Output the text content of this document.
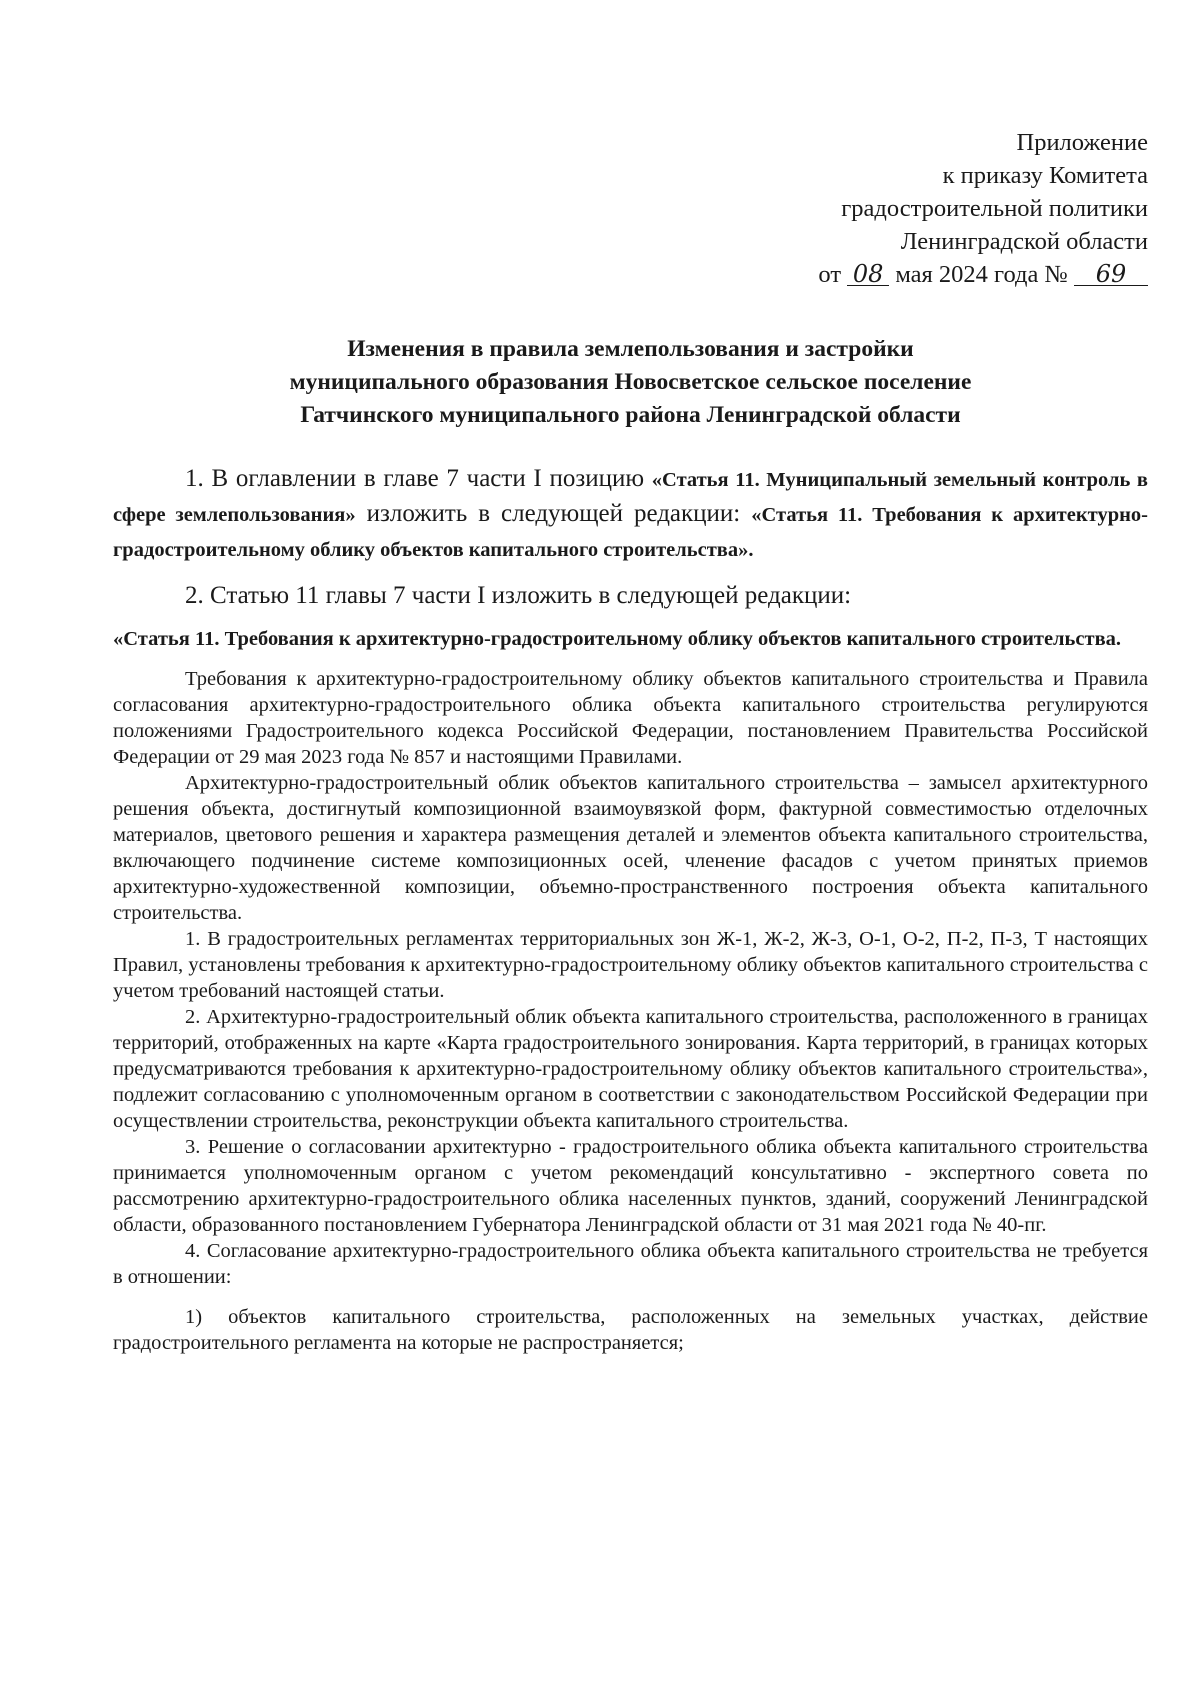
Приложение
к приказу Комитета
градостроительной политики
Ленинградской области
от 08 мая 2024 года № 69
Изменения в правила землепользования и застройки
муниципального образования Новосветское сельское поселение
Гатчинского муниципального района Ленинградской области

1. В оглавлении в главе 7 части I позицию «Статья 11. Муниципальный земельный контроль в сфере землепользования» изложить в следующей редакции: «Статья 11. Требования к архитектурно-градостроительному облику объектов капитального строительства».

2. Статью 11 главы 7 части I изложить в следующей редакции:

«Статья 11. Требования к архитектурно-градостроительному облику объектов капитального строительства.

Требования к архитектурно-градостроительному облику объектов капитального строительства и Правила согласования архитектурно-градостроительного облика объекта капитального строительства регулируются положениями Градостроительного кодекса Российской Федерации, постановлением Правительства Российской Федерации от 29 мая 2023 года № 857 и настоящими Правилами.

Архитектурно-градостроительный облик объектов капитального строительства – замысел архитектурного решения объекта, достигнутый композиционной взаимоувязкой форм, фактурной совместимостью отделочных материалов, цветового решения и характера размещения деталей и элементов объекта капитального строительства, включающего подчинение системе композиционных осей, членение фасадов с учетом принятых приемов архитектурно-художественной композиции, объемно-пространственного построения объекта капитального строительства.

1. В градостроительных регламентах территориальных зон Ж-1, Ж-2, Ж-3, О-1, О-2, П-2, П-3, Т настоящих Правил, установлены требования к архитектурно-градостроительному облику объектов капитального строительства с учетом требований настоящей статьи.

2. Архитектурно-градостроительный облик объекта капитального строительства, расположенного в границах территорий, отображенных на карте «Карта градостроительного зонирования. Карта территорий, в границах которых предусматриваются требования к архитектурно-градостроительному облику объектов капитального строительства», подлежит согласованию с уполномоченным органом в соответствии с законодательством Российской Федерации при осуществлении строительства, реконструкции объекта капитального строительства.

3. Решение о согласовании архитектурно - градостроительного облика объекта капитального строительства принимается уполномоченным органом с учетом рекомендаций консультативно - экспертного совета по рассмотрению архитектурно-градостроительного облика населенных пунктов, зданий, сооружений Ленинградской области, образованного постановлением Губернатора Ленинградской области от 31 мая 2021 года № 40-пг.

4. Согласование архитектурно-градостроительного облика объекта капитального строительства не требуется в отношении:

1) объектов капитального строительства, расположенных на земельных участках, действие градостроительного регламента на которые не распространяется;
